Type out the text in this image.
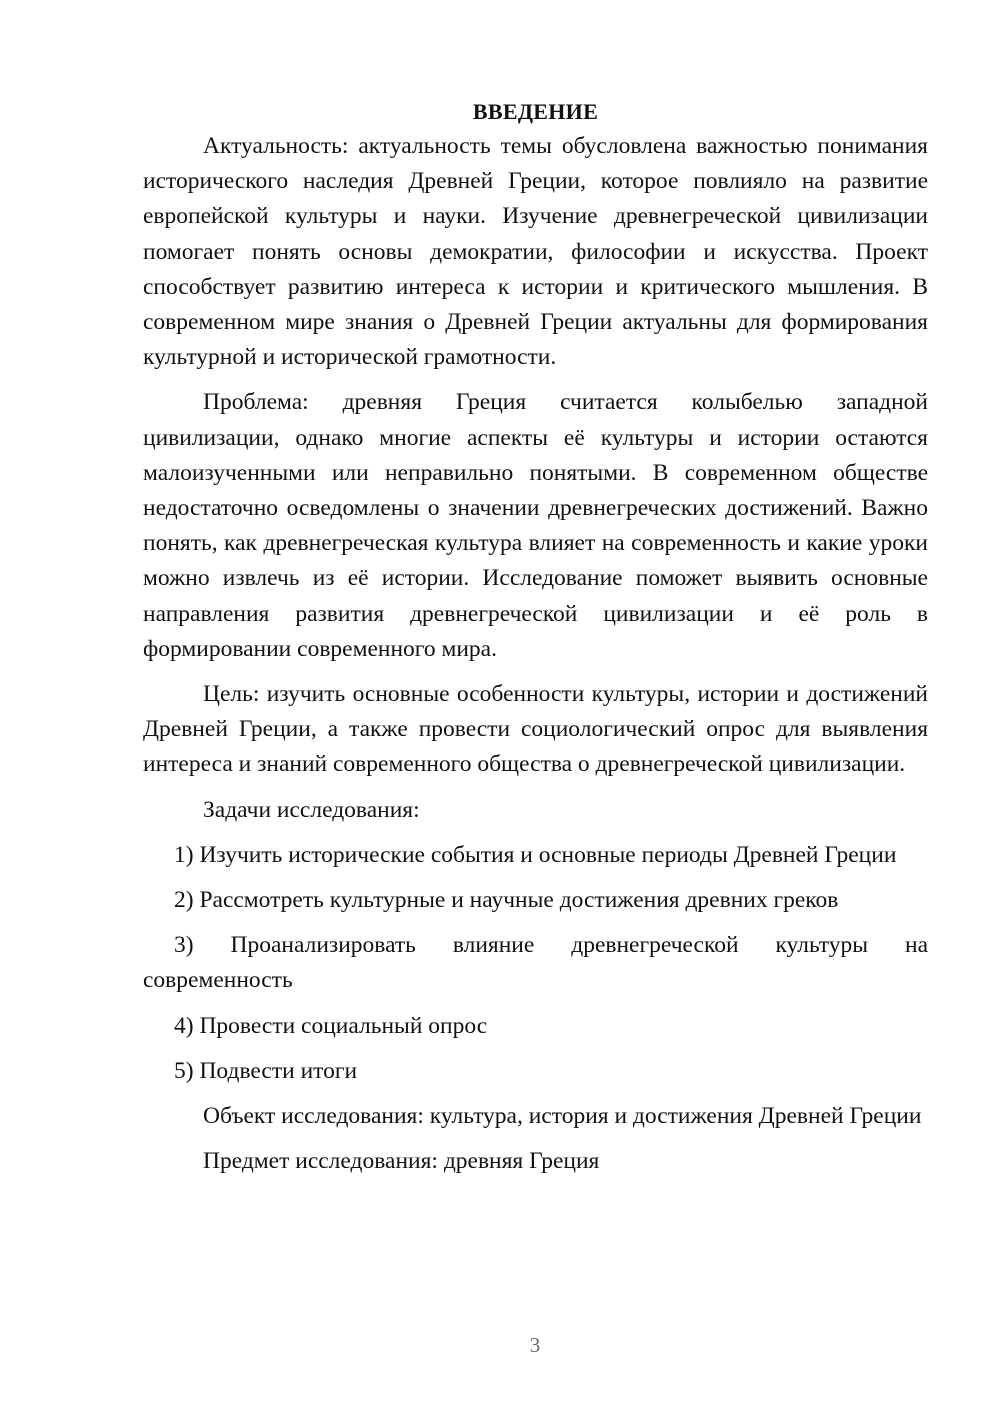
ВВЕДЕНИЕ

Актуальность: актуальность темы обусловлена важностью понимания исторического наследия Древней Греции, которое повлияло на развитие европейской культуры и науки. Изучение древнегреческой цивилизации помогает понять основы демократии, философии и искусства. Проект способствует развитию интереса к истории и критического мышления. В современном мире знания о Древней Греции актуальны для формирования культурной и исторической грамотности.

Проблема: древняя Греция считается колыбелью западной цивилизации, однако многие аспекты её культуры и истории остаются малоизученными или неправильно понятыми. В современном обществе недостаточно осведомлены о значении древнегреческих достижений. Важно понять, как древнегреческая культура влияет на современность и какие уроки можно извлечь из её истории. Исследование поможет выявить основные направления развития древнегреческой цивилизации и её роль в формировании современного мира.

Цель: изучить основные особенности культуры, истории и достижений Древней Греции, а также провести социологический опрос для выявления интереса и знаний современного общества о древнегреческой цивилизации.

Задачи исследования:

1) Изучить исторические события и основные периоды Древней Греции

2) Рассмотреть культурные и научные достижения древних греков

3) Проанализировать влияние древнегреческой культуры на современность

4) Провести социальный опрос

5) Подвести итоги

Объект исследования: культура, история и достижения Древней Греции

Предмет исследования: древняя Греция

3
